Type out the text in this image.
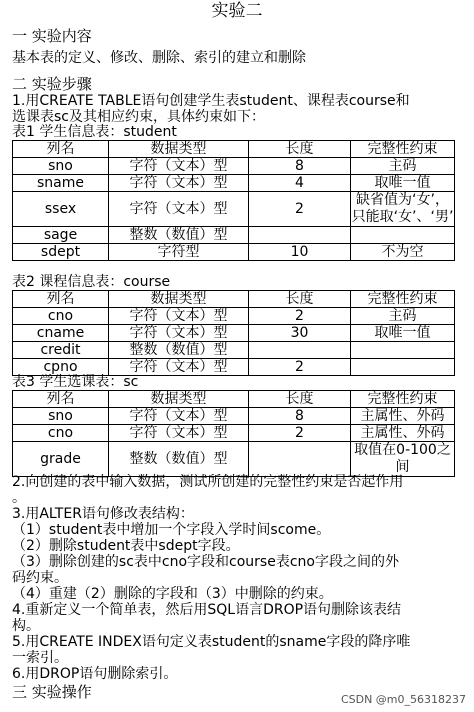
实验二
一 实验内容
基本表的定义、修改、删除、索引的建立和删除
二 实验步骤
1.用CREATE TABLE语句创建学生表student、课程表course和
选课表sc及其相应约束，具体约束如下：
表1 学生信息表：student
列名	数据类型	长度	完整性约束
sno	字符（文本）型	8	主码
sname	字符（文本）型	4	取唯一值
ssex	字符（文本）型	2	缺省值为‘女’，只能取‘女’、‘男’
sage	整数（数值）型		
sdept	字符型	10	不为空
表2 课程信息表：course
列名	数据类型	长度	完整性约束
cno	字符（文本）型	2	主码
cname	字符（文本）型	30	取唯一值
credit	整数（数值）型		
cpno	字符（文本）型	2	
表3 学生选课表：sc
列名	数据类型	长度	完整性约束
sno	字符（文本）型	8	主属性、外码
cno	字符（文本）型	2	主属性、外码
grade	整数（数值）型		取值在0-100之间
2.向创建的表中输入数据，测试所创建的完整性约束是否起作用
。
3.用ALTER语句修改表结构：
（1）student表中增加一个字段入学时间scome。
（2）删除student表中sdept字段。
（3）删除创建的sc表中cno字段和course表cno字段之间的外
码约束。
（4）重建（2）删除的字段和（3）中删除的约束。
4.重新定义一个简单表，然后用SQL语言DROP语句删除该表结
构。
5.用CREATE INDEX语句定义表student的sname字段的降序唯
一索引。
6.用DROP语句删除索引。
三 实验操作	CSDN @m0_56318237
